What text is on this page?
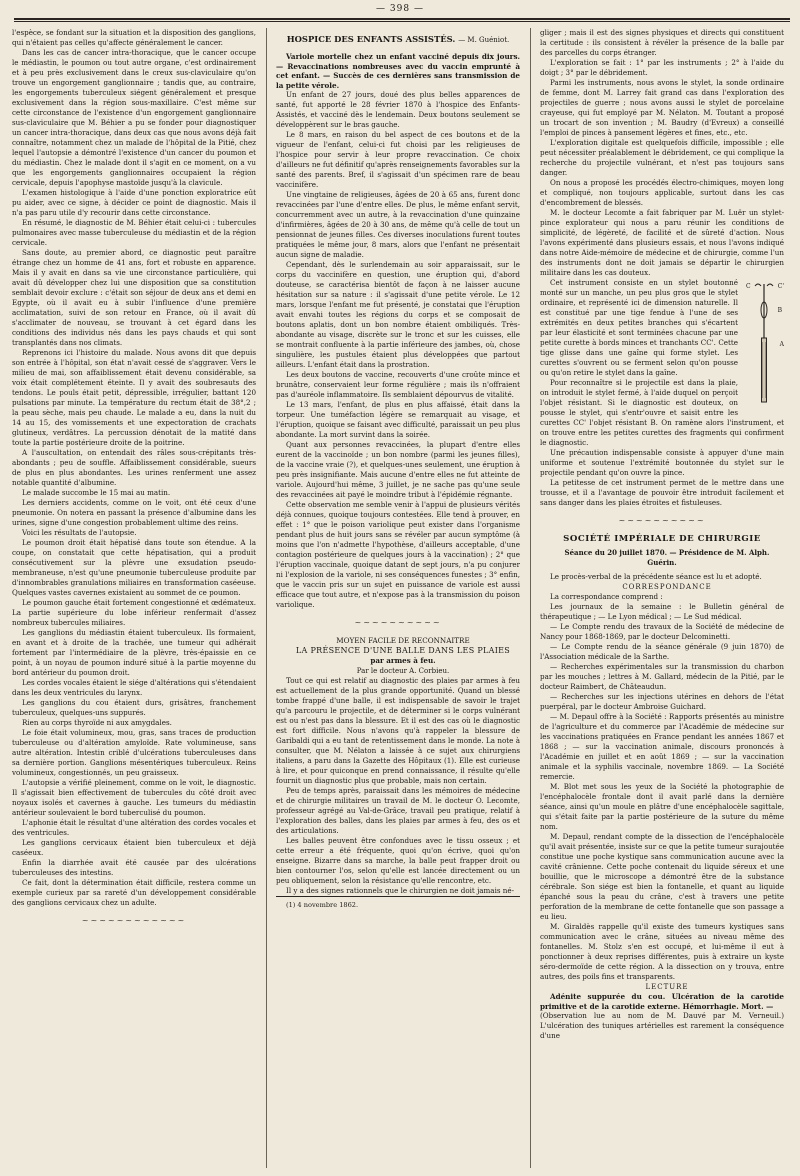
— 398 —

l'espèce, se fondant sur la situation et la disposition des ganglions, qui n'étaient pas celles qu'affecte généralement le cancer.

Dans les cas de cancer intra-thoracique, que le cancer occupe le médiastin, le poumon ou tout autre organe, c'est ordinairement et à peu près exclusivement dans le creux sus-claviculaire qu'on trouve un engorgement ganglionnaire ; tandis que, au contraire, les engorgements tuberculeux siégent généralement et presque exclusivement dans la région sous-maxillaire. C'est même sur cette circonstance de l'existence d'un engorgement ganglionnaire sus-claviculaire que M. Béhier a pu se fonder pour diagnostiquer un cancer intra-thoracique, dans deux cas que nous avons déjà fait connaître, notamment chez un malade de l'hôpital de la Pitié, chez lequel l'autopsie a démontré l'existence d'un cancer du poumon et du médiastin. Chez le malade dont il s'agit en ce moment, on a vu que les engorgements ganglionnaires occupaient la région cervicale, depuis l'apophyse mastoïde jusqu'à la clavicule.

L'examen histologique à l'aide d'une ponction exploratrice eût pu aider, avec ce signe, à décider ce point de diagnostic. Mais il n'a pas paru utile d'y recourir dans cette circonstance.

En résumé, le diagnostic de M. Béhier était celui-ci : tubercules pulmonaires avec masse tuberculeuse du médiastin et de la région cervicale.

Sans doute, au premier abord, ce diagnostic peut paraître étrange chez un homme de 41 ans, fort et robuste en apparence. Mais il y avait en dans sa vie une circonstance particulière, qui avait dû développer chez lui une disposition que sa constitution semblait devoir exclure : c'était son séjour de deux ans et demi en Egypte, où il avait eu à subir l'influence d'une première acclimatation, suivi de son retour en France, où il avait dû s'acclimater de nouveau, se trouvant à cet égard dans les conditions des individus nés dans les pays chauds et qui sont transplantés dans nos climats.

Reprenons ici l'histoire du malade. Nous avons dit que depuis son entrée à l'hôpital, son état n'avait cessé de s'aggraver. Vers le milieu de mai, son affaiblissement était devenu considérable, sa voix était complétement éteinte. Il y avait des soubresauts des tendons. Le pouls était petit, dépressible, irrégulier, battant 120 pulsations par minute. La température du rectum était de 38°,2 ; la peau sèche, mais peu chaude. Le malade a eu, dans la nuit du 14 au 15, des vomissements et une expectoration de crachats glutineux, verdâtres. La percussion dénotait de la matité dans toute la partie postérieure droite de la poitrine.

A l'auscultation, on entendait des râles sous-crépitants très-abondants ; peu de souffle. Affaiblissement considérable, sueurs de plus en plus abondantes. Les urines renferment une assez notable quantité d'albumine.

Le malade succombe le 15 mai au matin.

Les derniers accidents, comme on le voit, ont été ceux d'une pneumonie. On notera en passant la présence d'albumine dans les urines, signe d'une congestion probablement ultime des reins.

Voici les résultats de l'autopsie.

Le poumon droit était hépatisé dans toute son étendue. A la coupe, on constatait que cette hépatisation, qui a produit consécutivement sur la plèvre une exsudation pseudo-membraneuse, n'est qu'une pneumonie tuberculeuse produite par d'innombrables granulations miliaires en transformation caséeuse. Quelques vastes cavernes existaient au sommet de ce poumon.

Le poumon gauche était fortement congestionné et œdémateux. La partie supérieure du lobe inférieur renfermait d'assez nombreux tubercules miliaires.

Les ganglions du médiastin étaient tuberculeux. Ils formaient, en avant et à droite de la trachée, une tumeur qui adhérait fortement par l'intermédiaire de la plèvre, très-épaissie en ce point, à un noyau de poumon induré situé à la partie moyenne du bord antérieur du poumon droit.

Les cordes vocales étaient le siége d'altérations qui s'étendaient dans les deux ventricules du larynx.

Les ganglions du cou étaient durs, grisâtres, franchement tuberculeux, quelques-uns suppurés.

Rien au corps thyroïde ni aux amygdales.

Le foie était volumineux, mou, gras, sans traces de production tuberculeuse ou d'altération amyloïde. Rate volumineuse, sans autre altération. Intestin criblé d'ulcérations tuberculeuses dans sa dernière portion. Ganglions mésentériques tuberculeux. Reins volumineux, congestionnés, un peu graisseux.

L'autopsie a vérifié pleinement, comme on le voit, le diagnostic. Il s'agissait bien effectivement de tubercules du côté droit avec noyaux isolés et cavernes à gauche. Les tumeurs du médiastin antérieur soulevaient le bord tuberculisé du poumon.

L'aphonie était le résultat d'une altération des cordes vocales et des ventricules.

Les ganglions cervicaux étaient bien tuberculeux et déjà caséeux.

Enfin la diarrhée avait été causée par des ulcérations tuberculeuses des intestins.

Ce fait, dont la détermination était difficile, restera comme un exemple curieux par sa rareté d'un développement considérable des ganglions cervicaux chez un adulte.

~~~~~~~~~~~~
HOSPICE DES ENFANTS ASSISTÉS. — M. Guéniot.

Variole mortelle chez un enfant vacciné depuis dix jours. — Revaccinations nombreuses avec du vaccin emprunté à cet enfant. — Succès de ces dernières sans transmission de la petite vérole.

Un enfant de 27 jours, doué des plus belles apparences de santé, fut apporté le 28 février 1870 à l'hospice des Enfants-Assistés, et vacciné dès le lendemain. Deux boutons seulement se développèrent sur le bras gauche.

Le 8 mars, en raison du bel aspect de ces boutons et de la vigueur de l'enfant, celui-ci fut choisi par les religieuses de l'hospice pour servir à leur propre revaccination. Ce choix d'ailleurs ne fut définitif qu'après renseignements favorables sur la santé des parents. Bref, il s'agissait d'un spécimen rare de beau vaccinifère.

Une vingtaine de religieuses, âgées de 20 à 65 ans, furent donc revaccinées par l'une d'entre elles. De plus, le même enfant servit, concurremment avec un autre, à la revaccination d'une quinzaine d'infirmières, âgées de 20 à 30 ans, de même qu'à celle de tout un pensionnat de jeunes filles. Ces diverses inoculations furent toutes pratiquées le même jour, 8 mars, alors que l'enfant ne présentait aucun signe de maladie.

Cependant, dès le surlendemain au soir apparaissait, sur le corps du vaccinifère en question, une éruption qui, d'abord douteuse, se caractérisa bientôt de façon à ne laisser aucune hésitation sur sa nature : il s'agissait d'une petite vérole. Le 12 mars, lorsque l'enfant me fut présenté, je constatai que l'éruption avait envahi toutes les régions du corps et se composait de boutons aplatis, dont un bon nombre étaient ombiliqués. Très-abondante au visage, discrète sur le tronc et sur les cuisses, elle se montrait confluente à la partie inférieure des jambes, où, chose singulière, les pustules étaient plus développées que partout ailleurs. L'enfant était dans la prostration.

Les deux boutons de vaccine, recouverts d'une croûte mince et brunâtre, conservaient leur forme régulière ; mais ils n'offraient pas d'auréole inflammatoire. Ils semblaient dépourvus de vitalité.

Le 13 mars, l'enfant, de plus en plus affaissé, était dans la torpeur. Une tuméfaction légère se remarquait au visage, et l'éruption, quoique se faisant avec difficulté, paraissait un peu plus abondante. La mort survint dans la soirée.

Quant aux personnes revaccinées, la plupart d'entre elles eurent de la vaccinoïde ; un bon nombre (parmi les jeunes filles), de la vaccine vraie (?), et quelques-unes seulement, une éruption à peu près insignifiante. Mais aucune d'entre elles ne fut atteinte de variole. Aujourd'hui même, 3 juillet, je ne sache pas qu'une seule des revaccinées ait payé le moindre tribut à l'épidémie régnante.

Cette observation me semble venir à l'appui de plusieurs vérités déjà connues, quoique toujours contestées. Elle tend à prouver, en effet : 1° que le poison variolique peut exister dans l'organisme pendant plus de huit jours sans se révéler par aucun symptôme (à moins que l'on n'admette l'hypothèse, d'ailleurs acceptable, d'une contagion postérieure de quelques jours à la vaccination) ; 2° que l'éruption vaccinale, quoique datant de sept jours, n'a pu conjurer ni l'explosion de la variole, ni ses conséquences funestes ; 3° enfin, que le vaccin pris sur un sujet en puissance de variole est aussi efficace que tout autre, et n'expose pas à la transmission du poison variolique.

~~~~~~~~~~

MOYEN FACILE DE RECONNAITRE

LA PRÉSENCE D'UNE BALLE DANS LES PLAIES

par armes à feu.

Par le docteur A. Corbieu.

Tout ce qui est relatif au diagnostic des plaies par armes à feu est actuellement de la plus grande opportunité. Quand un blessé tombe frappé d'une balle, il est indispensable de savoir le trajet qu'a parcouru le projectile, et de déterminer si le corps vulnérant est ou n'est pas dans la blessure. Et il est des cas où le diagnostic est fort difficile. Nous n'avons qu'à rappeler la blessure de Garibaldi qui a eu tant de retentissement dans le monde. La note à consulter, que M. Nélaton a laissée à ce sujet aux chirurgiens italiens, a paru dans la Gazette des Hôpitaux (1). Elle est curieuse à lire, et pour quiconque en prend connaissance, il résulte qu'elle fournit un diagnostic plus que probable, mais non certain.

Peu de temps après, paraissait dans les mémoires de médecine et de chirurgie militaires un travail de M. le docteur O. Lecomte, professeur agrégé au Val-de-Grâce, travail peu pratique, relatif à l'exploration des balles, dans les plaies par armes à feu, des os et des articulations.

Les balles peuvent être confondues avec le tissu osseux ; et cette erreur a été fréquente, quoi qu'on écrive, quoi qu'on enseigne. Bizarre dans sa marche, la balle peut frapper droit ou bien contourner l'os, selon qu'elle est lancée directement ou un peu obliquement, selon la résistance qu'elle rencontre, etc.

Il y a des signes rationnels que le chirurgien ne doit jamais né-

(1) 4 novembre 1862.

gliger ; mais il est des signes physiques et directs qui constituent la certitude : ils consistent à révéler la présence de la balle par des parcelles du corps étranger.

L'exploration se fait : 1° par les instruments ; 2° à l'aide du doigt ; 3° par le débridement.

Parmi les instruments, nous avons le stylet, la sonde ordinaire de femme, dont M. Larrey fait grand cas dans l'exploration des projectiles de guerre ; nous avons aussi le stylet de porcelaine crayeuse, qui fut employé par M. Nélaton. M. Toutant a proposé un trocart de son invention ; M. Baudry (d'Evreux) a conseillé l'emploi de pinces à pansement légères et fines, etc., etc.

L'exploration digitale est quelquefois difficile, impossible ; elle peut nécessiter préalablement le débridement, ce qui complique la recherche du projectile vulnérant, et n'est pas toujours sans danger.

On nous a proposé les procédés électro-chimiques, moyen long et compliqué, non toujours applicable, surtout dans les cas d'encombrement de blessés.

M. le docteur Lecomte a fait fabriquer par M. Luër un stylet-pince explorateur qui nous a paru réunir les conditions de simplicité, de légèreté, de facilité et de sûreté d'action. Nous l'avons expérimenté dans plusieurs essais, et nous l'avons indiqué dans notre Aide-mémoire de médecine et de chirurgie, comme l'un des instruments dont ne doit jamais se départir le chirurgien militaire dans les cas douteux.

C	C'
B
A

Cet instrument consiste en un stylet boutonné monté sur un manche, un peu plus gros que le stylet ordinaire, et représenté ici de dimension naturelle. Il est constitué par une tige fendue à l'une de ses extrémités en deux petites branches qui s'écartent par leur élasticité et sont terminées chacune par une petite curette à bords minces et tranchants CC'. Cette tige glisse dans une gaîne qui forme stylet. Les curettes s'ouvrent ou se ferment selon qu'on pousse ou qu'on retire le stylet dans la gaîne.

Pour reconnaître si le projectile est dans la plaie, on introduit le stylet fermé, à l'aide duquel on perçoit l'objet résistant. Si le diagnostic est douteux, on pousse le stylet, qui s'entr'ouvre et saisit entre les curettes CC' l'objet résistant B. On ramène alors l'instrument, et on trouve entre les petites curettes des fragments qui confirment le diagnostic.

Une précaution indispensable consiste à appuyer d'une main uniforme et soutenue l'extrémité boutonnée du stylet sur le projectile pendant qu'on ouvre la pince.

La petitesse de cet instrument permet de le mettre dans une trousse, et il a l'avantage de pouvoir être introduit facilement et sans danger dans les plaies étroites et fistuleuses.

~~~~~~~~~~
SOCIÉTÉ IMPÉRIALE DE CHIRURGIE

Séance du 20 juillet 1870. — Présidence de M. Alph. Guérin.

Le procès-verbal de la précédente séance est lu et adopté.

CORRESPONDANCE

La correspondance comprend :

Les journaux de la semaine : le Bulletin général de thérapeutique ; — Le Lyon médical ; — Le Sud médical.

— Le Compte rendu des travaux de la Société de médecine de Nancy pour 1868-1869, par le docteur Delcominetti.

— Le Compte rendu de la séance générale (9 juin 1870) de l'Association médicale de la Sarthe.

— Recherches expérimentales sur la transmission du charbon par les mouches ; lettres à M. Gallard, médecin de la Pitié, par le docteur Raimbert, de Châteaudun.

— Recherches sur les injections utérines en dehors de l'état puerpéral, par le docteur Ambroise Guichard.

— M. Depaul offre à la Société : Rapports présentés au ministre de l'agriculture et du commerce par l'Académie de médecine sur les vaccinations pratiquées en France pendant les années 1867 et 1868 ; — sur la vaccination animale, discours prononcés à l'Académie en juillet et en août 1869 ; — sur la vaccination animale et la syphilis vaccinale, novembre 1869. — La Société remercie.

M. Blot met sous les yeux de la Société la photographie de l'encéphalocèle frontale dont il avait parlé dans la dernière séance, ainsi qu'un moule en plâtre d'une encéphalocèle sagittale, qui s'était faite par la partie postérieure de la suture du même nom.

M. Depaul, rendant compte de la dissection de l'encéphalocèle qu'il avait présentée, insiste sur ce que la petite tumeur surajoutée constitue une poche kystique sans communication aucune avec la cavité crânienne. Cette poche contenait du liquide séreux et une bouillie, que le microscope a démontré être de la substance cérébrale. Son siége est bien la fontanelle, et quant au liquide épanché sous la peau du crâne, c'est à travers une petite perforation de la membrane de cette fontanelle que son passage a eu lieu.

M. Giraldès rappelle qu'il existe des tumeurs kystiques sans communication avec le crâne, situées au niveau même des fontanelles. M. Stolz s'en est occupé, et lui-même il eut à ponctionner à deux reprises différentes, puis à extraire un kyste séro-dermoïde de cette région. A la dissection on y trouva, entre autres, des poils fins et transparents.

LECTURE

Adénite suppurée du cou. Ulcération de la carotide primitive et de la carotide externe. Hémorrhagie. Mort. —

(Observation lue au nom de M. Dauvé par M. Verneuil.) L'ulcération des tuniques artérielles est rarement la conséquence d'une
